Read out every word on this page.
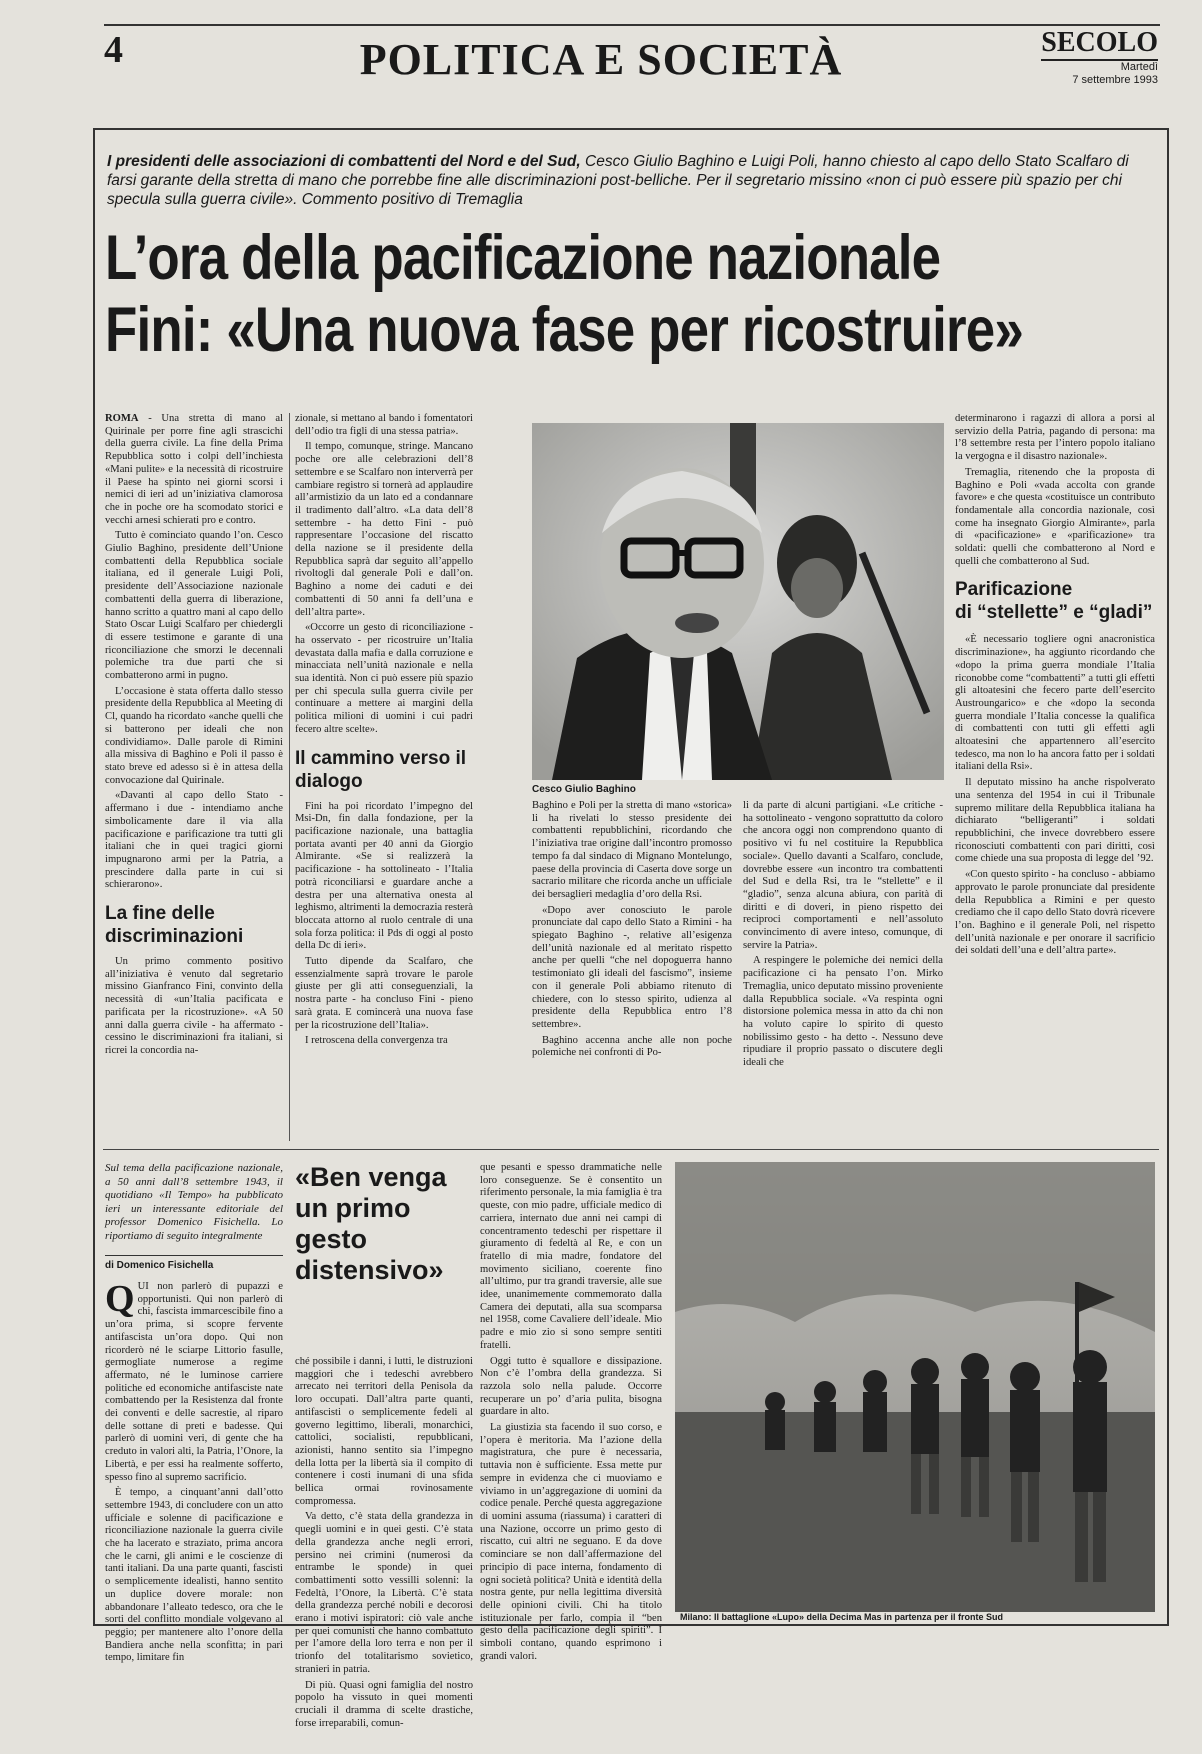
4	POLITICA E SOCIETÀ	SECOLO
Martedì
7 settembre 1993
I presidenti delle associazioni di combattenti del Nord e del Sud, Cesco Giulio Baghino e Luigi Poli, hanno chiesto al capo dello Stato Scalfaro di farsi garante della stretta di mano che porrebbe fine alle discriminazioni post-belliche. Per il segretario missino «non ci può essere più spazio per chi specula sulla guerra civile». Commento positivo di Tremaglia
L’ora della pacificazione nazionale
Fini: «Una nuova fase per ricostruire»

ROMA - Una stretta di mano al Quirinale per porre fine agli strascichi della guerra civile. La fine della Prima Repubblica sotto i colpi dell’inchiesta «Mani pulite» e la necessità di ricostruire il Paese ha spinto nei giorni scorsi i nemici di ieri ad un’iniziativa clamorosa che in poche ore ha scomodato storici e vecchi arnesi schierati pro e contro.

Tutto è cominciato quando l’on. Cesco Giulio Baghino, presidente dell’Unione combattenti della Repubblica sociale italiana, ed il generale Luigi Poli, presidente dell’Associazione nazionale combattenti della guerra di liberazione, hanno scritto a quattro mani al capo dello Stato Oscar Luigi Scalfaro per chiedergli di essere testimone e garante di una riconciliazione che smorzi le decennali polemiche tra due parti che si combatterono armi in pugno.

L’occasione è stata offerta dallo stesso presidente della Repubblica al Meeting di Cl, quando ha ricordato «anche quelli che si batterono per ideali che non condividiamo». Dalle parole di Rimini alla missiva di Baghino e Poli il passo è stato breve ed adesso si è in attesa della convocazione dal Quirinale.

«Davanti al capo dello Stato - affermano i due - intendiamo anche simbolicamente dare il via alla pacificazione e parificazione tra tutti gli italiani che in quei tragici giorni impugnarono armi per la Patria, a prescindere dalla parte in cui si schierarono».

La fine delle discriminazioni

Un primo commento positivo all’iniziativa è venuto dal segretario missino Gianfranco Fini, convinto della necessità di «un’Italia pacificata e parificata per la ricostruzione». «A 50 anni dalla guerra civile - ha affermato - cessino le discriminazioni fra italiani, si ricrei la concordia na-

zionale, si mettano al bando i fomentatori dell’odio tra figli di una stessa patria».

Il tempo, comunque, stringe. Mancano poche ore alle celebrazioni dell’8 settembre e se Scalfaro non interverrà per cambiare registro si tornerà ad applaudire all’armistizio da un lato ed a condannare il tradimento dall’altro. «La data dell’8 settembre - ha detto Fini - può rappresentare l’occasione del riscatto della nazione se il presidente della Repubblica saprà dar seguito all’appello rivoltogli dal generale Poli e dall’on. Baghino a nome dei caduti e dei combattenti di 50 anni fa dell’una e dell’altra parte».

«Occorre un gesto di riconciliazione - ha osservato - per ricostruire un’Italia devastata dalla mafia e dalla corruzione e minacciata nell’unità nazionale e nella sua identità. Non ci può essere più spazio per chi specula sulla guerra civile per continuare a mettere ai margini della politica milioni di uomini i cui padri fecero altre scelte».

Il cammino verso il dialogo

Fini ha poi ricordato l’impegno del Msi-Dn, fin dalla fondazione, per la pacificazione nazionale, una battaglia portata avanti per 40 anni da Giorgio Almirante. «Se si realizzerà la pacificazione - ha sottolineato - l’Italia potrà riconciliarsi e guardare anche a destra per una alternativa onesta al leghismo, altrimenti la democrazia resterà bloccata attorno al ruolo centrale di una sola forza politica: il Pds di oggi al posto della Dc di ieri».

Tutto dipende da Scalfaro, che essenzialmente saprà trovare le parole giuste per gli atti conseguenziali, la nostra parte - ha concluso Fini - pieno sarà grata. E comincerà una nuova fase per la ricostruzione dell’Italia».

I retroscena della convergenza tra

Cesco Giulio Baghino

Baghino e Poli per la stretta di mano «storica» li ha rivelati lo stesso presidente dei combattenti repubblichini, ricordando che l’iniziativa trae origine dall’incontro promosso tempo fa dal sindaco di Mignano Montelungo, paese della provincia di Caserta dove sorge un sacrario militare che ricorda anche un ufficiale dei bersaglieri medaglia d’oro della Rsi.

«Dopo aver conosciuto le parole pronunciate dal capo dello Stato a Rimini - ha spiegato Baghino -, relative all’esigenza dell’unità nazionale ed al meritato rispetto anche per quelli “che nel dopoguerra hanno testimoniato gli ideali del fascismo”, insieme con il generale Poli abbiamo ritenuto di chiedere, con lo stesso spirito, udienza al presidente della Repubblica entro l’8 settembre».

Baghino accenna anche alle non poche polemiche nei confronti di Po-

li da parte di alcuni partigiani. «Le critiche - ha sottolineato - vengono soprattutto da coloro che ancora oggi non comprendono quanto di positivo vi fu nel costituire la Repubblica sociale». Quello davanti a Scalfaro, conclude, dovrebbe essere «un incontro tra combattenti del Sud e della Rsi, tra le “stellette” e il “gladio”, senza alcuna abiura, con parità di diritti e di doveri, in pieno rispetto dei reciproci comportamenti e nell’assoluto convincimento di avere inteso, comunque, di servire la Patria».

A respingere le polemiche dei nemici della pacificazione ci ha pensato l’on. Mirko Tremaglia, unico deputato missino proveniente dalla Repubblica sociale. «Va respinta ogni distorsione polemica messa in atto da chi non ha voluto capire lo spirito di questo nobilissimo gesto - ha detto -. Nessuno deve ripudiare il proprio passato o discutere degli ideali che

determinarono i ragazzi di allora a porsi al servizio della Patria, pagando di persona: ma l’8 settembre resta per l’intero popolo italiano la vergogna e il disastro nazionale».

Tremaglia, ritenendo che la proposta di Baghino e Poli «vada accolta con grande favore» e che questa «costituisce un contributo fondamentale alla concordia nazionale, così come ha insegnato Giorgio Almirante», parla di «pacificazione» e «parificazione» tra soldati: quelli che combatterono al Nord e quelli che combatterono al Sud.

Parificazione
di “stellette” e “gladi”

«È necessario togliere ogni anacronistica discriminazione», ha aggiunto ricordando che «dopo la prima guerra mondiale l’Italia riconobbe come “combattenti” a tutti gli effetti gli altoatesini che fecero parte dell’esercito Austroungarico» e che «dopo la seconda guerra mondiale l’Italia concesse la qualifica di combattenti con tutti gli effetti agli altoatesini che appartennero all’esercito tedesco, ma non lo ha ancora fatto per i soldati italiani della Rsi».

Il deputato missino ha anche rispolverato una sentenza del 1954 in cui il Tribunale supremo militare della Repubblica italiana ha dichiarato “belligeranti” i soldati repubblichini, che invece dovrebbero essere riconosciuti combattenti con pari diritti, così come chiede una sua proposta di legge del ’92.

«Con questo spirito - ha concluso - abbiamo approvato le parole pronunciate dal presidente della Repubblica a Rimini e per questo crediamo che il capo dello Stato dovrà ricevere l’on. Baghino e il generale Poli, nel rispetto dell’unità nazionale e per onorare il sacrificio dei soldati dell’una e dell’altra parte».

Sul tema della pacificazione nazionale, a 50 anni dall’8 settembre 1943, il quotidiano «Il Tempo» ha pubblicato ieri un interessante editoriale del professor Domenico Fisichella. Lo riportiamo di seguito integralmente
di Domenico Fisichella

QUI non parlerò di pupazzi e opportunisti. Qui non parlerò di chi, fascista immarcescibile fino a un’ora prima, si scopre fervente antifascista un’ora dopo. Qui non ricorderò né le sciarpe Littorio fasulle, germogliate numerose a regime affermato, né le luminose carriere politiche ed economiche antifasciste nate combattendo per la Resistenza dal fronte dei conventi e delle sacrestie, al riparo delle sottane di preti e badesse. Qui parlerò di uomini veri, di gente che ha creduto in valori alti, la Patria, l’Onore, la Libertà, e per essi ha realmente sofferto, spesso fino al supremo sacrificio.

È tempo, a cinquant’anni dall’otto settembre 1943, di concludere con un atto ufficiale e solenne di pacificazione e riconciliazione nazionale la guerra civile che ha lacerato e straziato, prima ancora che le carni, gli animi e le coscienze di tanti italiani. Da una parte quanti, fascisti o semplicemente idealisti, hanno sentito un duplice dovere morale: non abbandonare l’alleato tedesco, ora che le sorti del conflitto mondiale volgevano al peggio; per mantenere alto l’onore della Bandiera anche nella sconfitta; in pari tempo, limitare fin

«Ben venga un primo gesto distensivo»

ché possibile i danni, i lutti, le distruzioni maggiori che i tedeschi avrebbero arrecato nei territori della Penisola da loro occupati. Dall’altra parte quanti, antifascisti o semplicemente fedeli al governo legittimo, liberali, monarchici, cattolici, socialisti, repubblicani, azionisti, hanno sentito sia l’impegno della lotta per la libertà sia il compito di contenere i costi inumani di una sfida bellica ormai rovinosamente compromessa.

Va detto, c’è stata della grandezza in quegli uomini e in quei gesti. C’è stata della grandezza anche negli errori, persino nei crimini (numerosi da entrambe le sponde) in quei combattimenti sotto vessilli solenni: la Fedeltà, l’Onore, la Libertà. C’è stata della grandezza perché nobili e decorosi erano i motivi ispiratori: ciò vale anche per quei comunisti che hanno combattuto per l’amore della loro terra e non per il trionfo del totalitarismo sovietico, stranieri in patria.

Di più. Quasi ogni famiglia del nostro popolo ha vissuto in quei momenti cruciali il dramma di scelte drastiche, forse irreparabili, comun-

que pesanti e spesso drammatiche nelle loro conseguenze. Se è consentito un riferimento personale, la mia famiglia è tra queste, con mio padre, ufficiale medico di carriera, internato due anni nei campi di concentramento tedeschi per rispettare il giuramento di fedeltà al Re, e con un fratello di mia madre, fondatore del movimento siciliano, coerente fino all’ultimo, pur tra grandi traversie, alle sue idee, unanimemente commemorato dalla Camera dei deputati, alla sua scomparsa nel 1958, come Cavaliere dell’ideale. Mio padre e mio zio si sono sempre sentiti fratelli.

Oggi tutto è squallore e dissipazione. Non c’è l’ombra della grandezza. Si razzola solo nella palude. Occorre recuperare un po’ d’aria pulita, bisogna guardare in alto.

La giustizia sta facendo il suo corso, e l’opera è meritoria. Ma l’azione della magistratura, che pure è necessaria, tuttavia non è sufficiente. Essa mette pur sempre in evidenza che ci muoviamo e viviamo in un’aggregazione di uomini da codice penale. Perché questa aggregazione di uomini assuma (riassuma) i caratteri di una Nazione, occorre un primo gesto di riscatto, cui altri ne seguano. E da dove cominciare se non dall’affermazione del principio di pace interna, fondamento di ogni società politica? Unità e identità della nostra gente, pur nella legittima diversità delle opinioni civili. Chi ha titolo istituzionale per farlo, compia il “ben gesto della pacificazione degli spiriti”. I simboli contano, quando esprimono i grandi valori.

Milano: Il battaglione «Lupo» della Decima Mas in partenza per il fronte Sud
